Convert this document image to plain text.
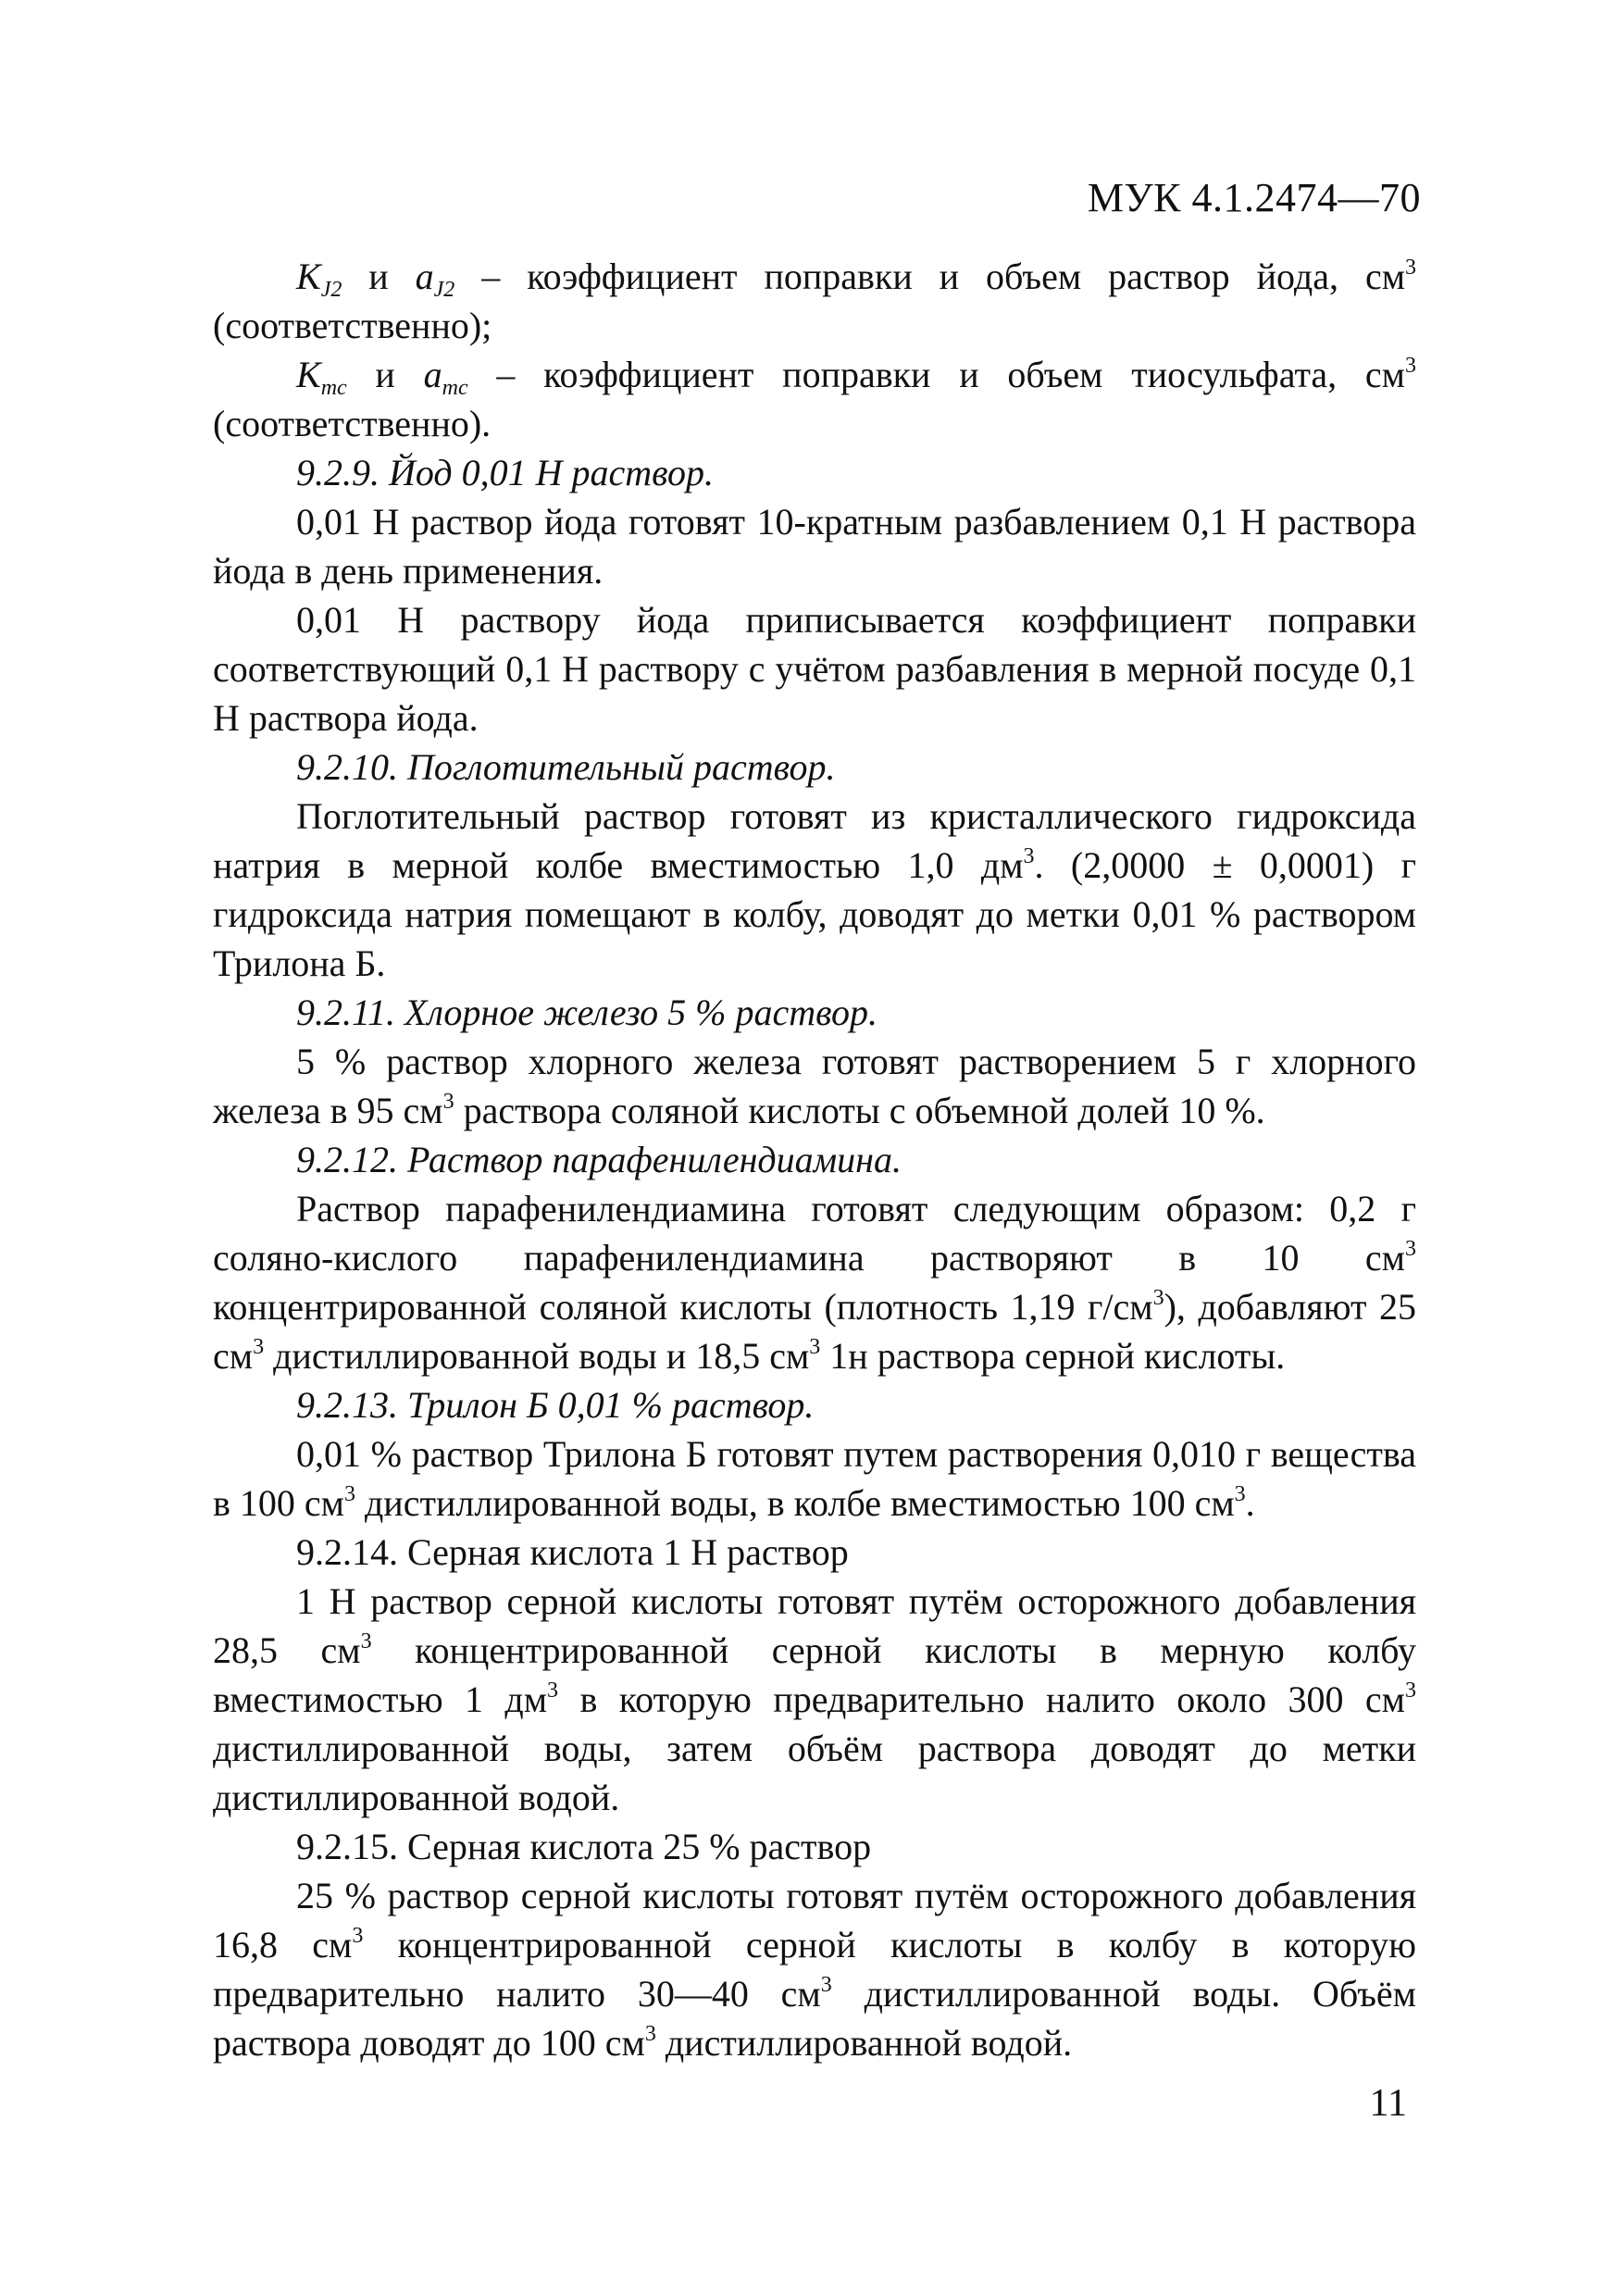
МУК 4.1.2474—70

$K_{J2}$ и $a_{J2}$ – коэффициент поправки и объем раствор йода, $см^3$ (соответственно);

$K_{mc}$ и $a_{mc}$ – коэффициент поправки и объем тиосульфата, $см^3$ (соответственно).

9.2.9. Йод 0,01 Н раствор.

0,01 Н раствор йода готовят 10-кратным разбавлением 0,1 Н раствора йода в день применения.

0,01 Н раствору йода приписывается коэффициент поправки соответствующий 0,1 Н раствору с учётом разбавления в мерной посуде 0,1 Н раствора йода.

9.2.10. Поглотительный раствор.

Поглотительный раствор готовят из кристаллического гидроксида натрия в мерной колбе вместимостью 1,0 $дм^3$. (2,0000 ± 0,0001) г гидроксида натрия помещают в колбу, доводят до метки 0,01 % раствором Трилона Б.

9.2.11. Хлорное железо 5 % раствор.

5 % раствор хлорного железа готовят растворением 5 г хлорного железа в 95 $см^3$ раствора соляной кислоты с объемной долей 10 %.

9.2.12. Раствор парафенилендиамина.

Раствор парафенилендиамина готовят следующим образом: 0,2 г соляно-кислого парафенилендиамина растворяют в 10 $см^3$ концентрированной соляной кислоты (плотность 1,19 $г/см^3$), добавляют 25 $см^3$ дистиллированной воды и 18,5 $см^3$ 1н раствора серной кислоты.

9.2.13. Трилон Б 0,01 % раствор.

0,01 % раствор Трилона Б готовят путем растворения 0,010 г вещества в 100 $см^3$ дистиллированной воды, в колбе вместимостью 100 $см^3$.

9.2.14. Серная кислота 1 Н раствор

1 Н раствор серной кислоты готовят путём осторожного добавления 28,5 $см^3$ концентрированной серной кислоты в мерную колбу вместимостью 1 $дм^3$ в которую предварительно налито около 300 $см^3$ дистиллированной воды, затем объём раствора доводят до метки дистиллированной водой.

9.2.15. Серная кислота 25 % раствор

25 % раствор серной кислоты готовят путём осторожного добавления 16,8 $см^3$ концентрированной серной кислоты в колбу в которую предварительно налито 30—40 $см^3$ дистиллированной воды. Объём раствора доводят до 100 $см^3$ дистиллированной водой.

11
